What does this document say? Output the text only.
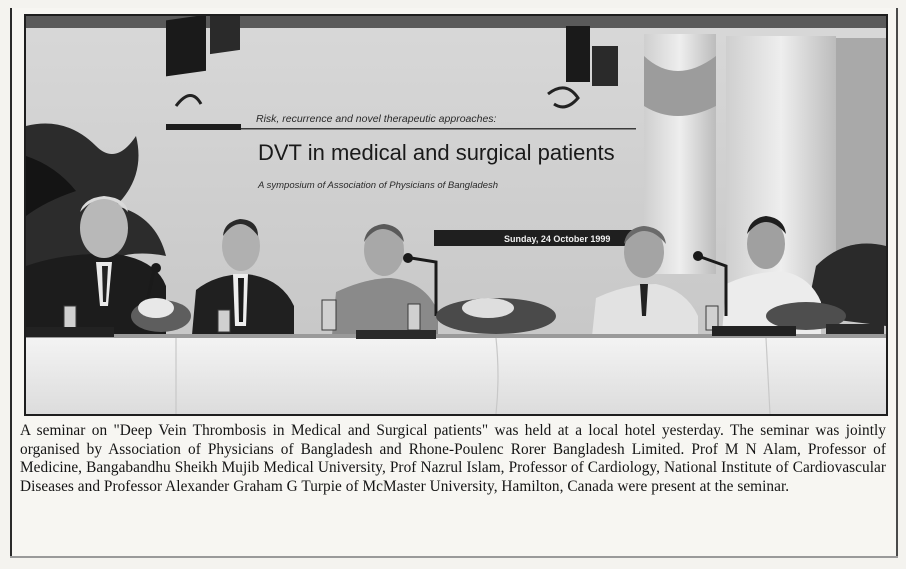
Risk, recurrence and novel therapeutic approaches:
DVT in medical and surgical patients
A symposium of Association of Physicians of Bangladesh
Sunday, 24 October 1999

A seminar on "Deep Vein Thrombosis in Medical and Surgical patients" was held at a local hotel yesterday. The seminar was jointly organised by Association of Physicians of Bangladesh and Rhone-Poulenc Rorer Bangladesh Limited. Prof M N Alam, Professor of Medicine, Bangabandhu Sheikh Mujib Medical University, Prof Nazrul Islam, Professor of Cardiology, National Institute of Cardiovascular Diseases and Professor Alexander Graham G Turpie of McMaster University, Hamilton, Canada were present at the seminar.
